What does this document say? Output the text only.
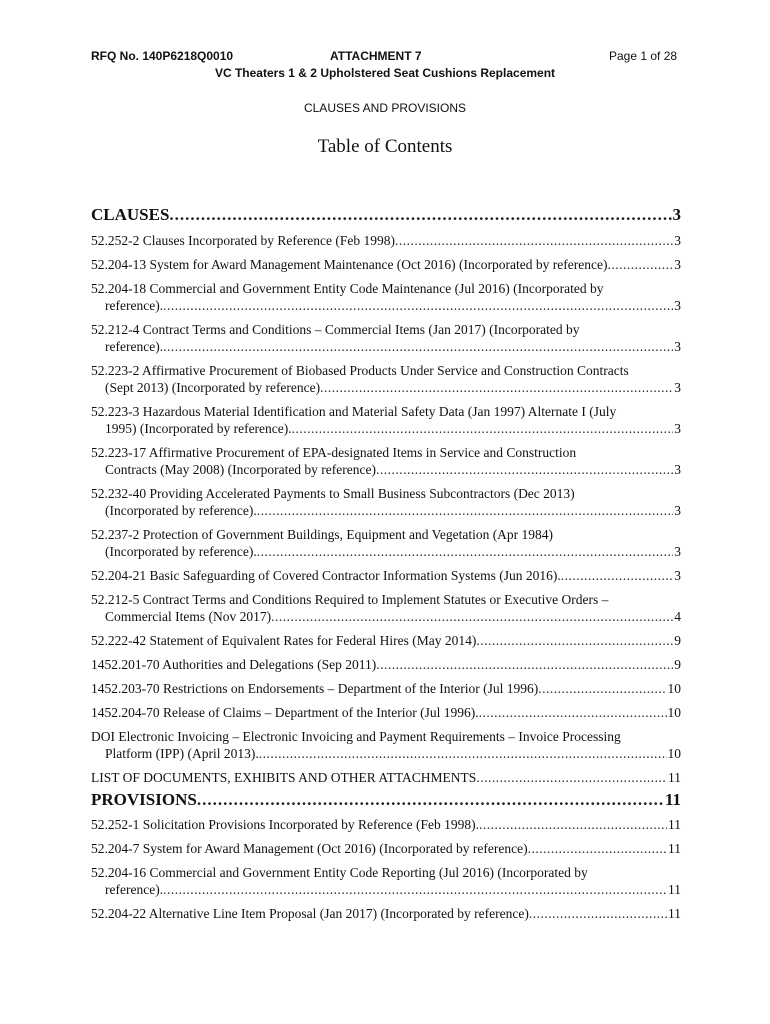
RFQ No. 140P6218Q0010	ATTACHMENT 7	Page 1 of 28
VC Theaters 1 & 2 Upholstered Seat Cushions Replacement
CLAUSES AND PROVISIONS
Table of Contents
CLAUSES .....	3
52.252-2 Clauses Incorporated by Reference (Feb 1998) .....	3
52.204-13 System for Award Management Maintenance (Oct 2016) (Incorporated by reference) .....	3
52.204-18 Commercial and Government Entity Code Maintenance (Jul 2016) (Incorporated by
reference). .....	3
52.212-4 Contract Terms and Conditions – Commercial Items (Jan 2017) (Incorporated by
reference). .....	3
52.223-2 Affirmative Procurement of Biobased Products Under Service and Construction Contracts
(Sept 2013) (Incorporated by reference) .....	3
52.223-3 Hazardous Material Identification and Material Safety Data (Jan 1997) Alternate I (July
1995) (Incorporated by reference). .....	3
52.223-17 Affirmative Procurement of EPA-designated Items in Service and Construction
Contracts (May 2008) (Incorporated by reference) .....	3
52.232-40 Providing Accelerated Payments to Small Business Subcontractors (Dec 2013)
(Incorporated by reference). .....	3
52.237-2 Protection of Government Buildings, Equipment and Vegetation (Apr 1984)
(Incorporated by reference). .....	3
52.204-21 Basic Safeguarding of Covered Contractor Information Systems (Jun 2016). .....	3
52.212-5 Contract Terms and Conditions Required to Implement Statutes or Executive Orders –
Commercial Items (Nov 2017) .....	4
52.222-42 Statement of Equivalent Rates for Federal Hires (May 2014) .....	9
1452.201-70 Authorities and Delegations (Sep 2011) .....	9
1452.203-70 Restrictions on Endorsements – Department of the Interior (Jul 1996) .....	10
1452.204-70 Release of Claims – Department of the Interior (Jul 1996). .....	10
DOI Electronic Invoicing – Electronic Invoicing and Payment Requirements – Invoice Processing
Platform (IPP) (April 2013). .....	10
LIST OF DOCUMENTS, EXHIBITS AND OTHER ATTACHMENTS .....	11
PROVISIONS .....	11
52.252-1 Solicitation Provisions Incorporated by Reference (Feb 1998). .....	11
52.204-7 System for Award Management (Oct 2016) (Incorporated by reference) .....	11
52.204-16 Commercial and Government Entity Code Reporting (Jul 2016) (Incorporated by
reference). .....	11
52.204-22 Alternative Line Item Proposal (Jan 2017) (Incorporated by reference) .....	11
